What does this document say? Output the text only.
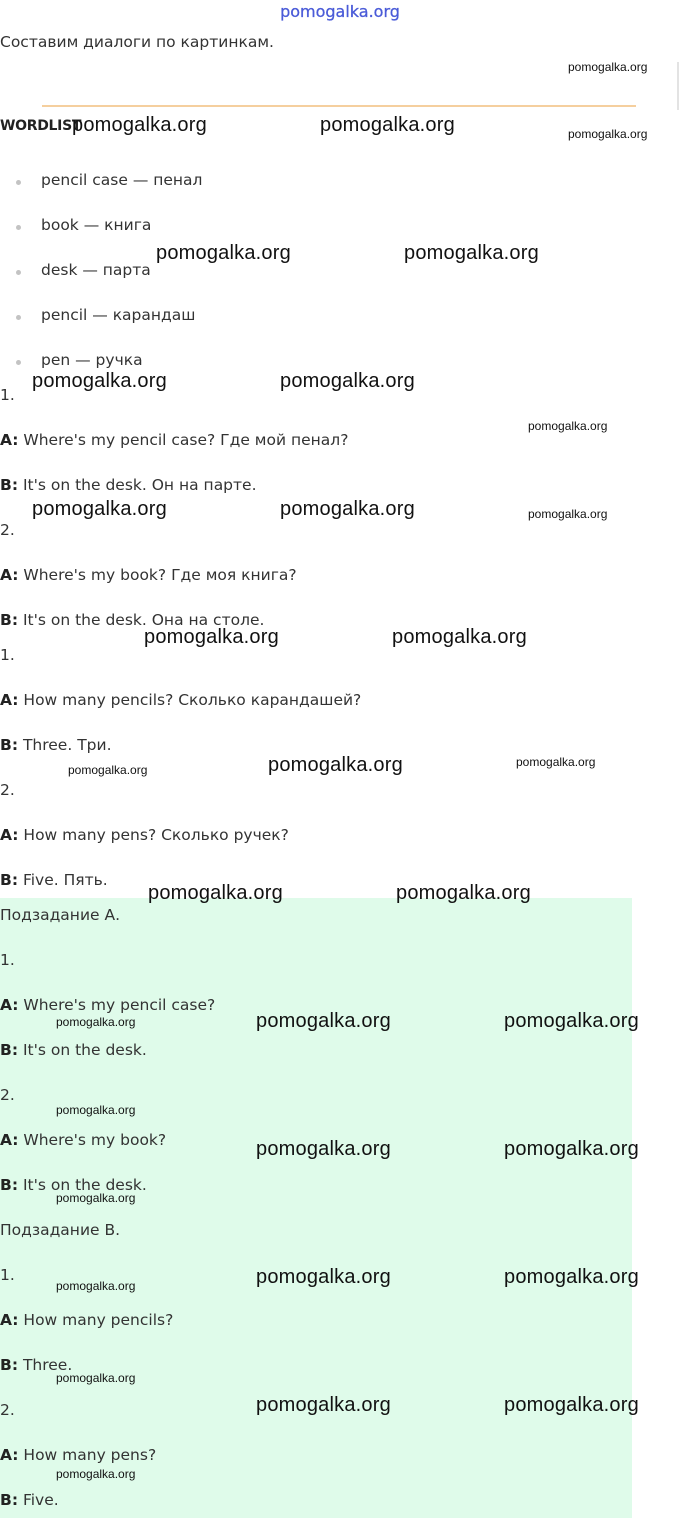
pomogalka.org
Составим диалоги по картинкам.
WORDLIST
pencil case — пенал
book — книга
desk — парта
pencil — карандаш
pen — ручка
1.
A: Where's my pencil case? Где мой пенал?
B: It's on the desk. Он на парте.
2.
A: Where's my book? Где моя книга?
B: It's on the desk. Она на столе.
1.
A: How many pencils? Сколько карандашей?
B: Three. Три.
2.
A: How many pens? Сколько ручек?
B: Five. Пять.
Подзадание А.
1.
A: Where's my pencil case?
B: It's on the desk.
2.
A: Where's my book?
B: It's on the desk.
Подзадание В.
1.
A: How many pencils?
B: Three.
2.
A: How many pens?
B: Five.
pomogalka.org
pomogalka.org	pomogalka.org	pomogalka.org
pomogalka.org	pomogalka.org
pomogalka.org	pomogalka.org
pomogalka.org
pomogalka.org	pomogalka.org	pomogalka.org
pomogalka.org	pomogalka.org
pomogalka.org	pomogalka.org	pomogalka.org
pomogalka.org	pomogalka.org
pomogalka.org	pomogalka.org	pomogalka.org
pomogalka.org
pomogalka.org	pomogalka.org
pomogalka.org
pomogalka.org	pomogalka.org	pomogalka.org
pomogalka.org
pomogalka.org	pomogalka.org
pomogalka.org
